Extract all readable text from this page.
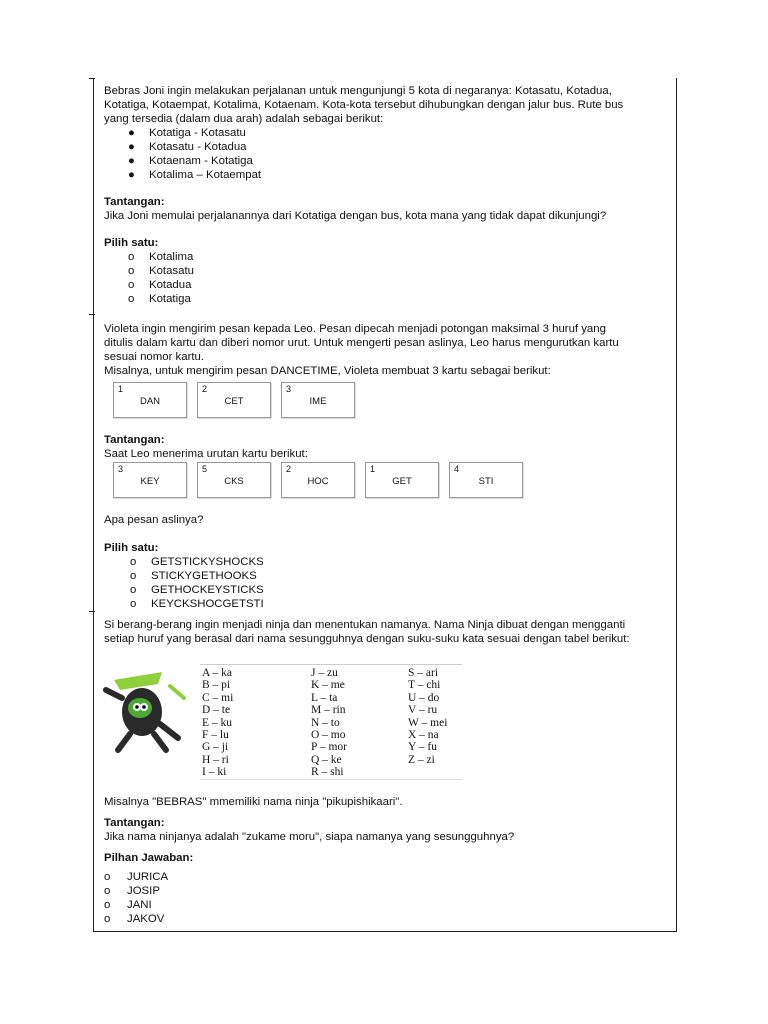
Bebras Joni ingin melakukan perjalanan untuk mengunjungi 5 kota di negaranya: Kotasatu, Kotadua,

Kotatiga, Kotaempat, Kotalima, Kotaenam. Kota-kota tersebut dihubungkan dengan jalur bus. Rute bus

yang tersedia (dalam dua arah) adalah sebagai berikut:

● Kotatiga - Kotasatu
● Kotasatu - Kotadua
● Kotaenam - Kotatiga
● Kotalima – Kotaempat

Tantangan:

Jika Joni memulai perjalanannya dari Kotatiga dengan bus, kota mana yang tidak dapat dikunjungi?

Pilih satu:

o Kotalima
o Kotasatu
o Kotadua
o Kotatiga

Violeta ingin mengirim pesan kepada Leo. Pesan dipecah menjadi potongan maksimal 3 huruf yang

ditulis dalam kartu dan diberi nomor urut. Untuk mengerti pesan aslinya, Leo harus mengurutkan kartu

sesuai nomor kartu.

Misalnya, untuk mengirim pesan DANCETIME, Violeta membuat 3 kartu sebagai berikut:

1
DAN
2
CET
3
IME

Tantangan:

Saat Leo menerima urutan kartu berikut:

3
KEY
5
CKS
2
HOC
1
GET
4
STI

Apa pesan aslinya?

Pilih satu:

o GETSTICKYSHOCKS
o STICKYGETHOOKS
o GETHOCKEYSTICKS
o KEYCKSHOCGETSTI

Si berang-berang ingin menjadi ninja dan menentukan namanya. Nama Ninja dibuat dengan mengganti

setiap huruf yang berasal dari nama sesungguhnya dengan suku-suku kata sesuai dengan tabel berikut:

A – ka
B – pi
C – mi
D – te
E – ku
F – lu
G – ji
H – ri
I – ki
J – zu
K – me
L – ta
M – rin
N – to
O – mo
P – mor
Q – ke
R – shi
S – ari
T – chi
U – do
V – ru
W – mei
X – na
Y – fu
Z – zi

Misalnya "BEBRAS" mmemiliki nama ninja "pikupishikaari".

Tantangan:

Jika nama ninjanya adalah "zukame moru", siapa namanya yang sesungguhnya?

Pilhan Jawaban:

o JURICA
o JOSIP
o JANI
o JAKOV
